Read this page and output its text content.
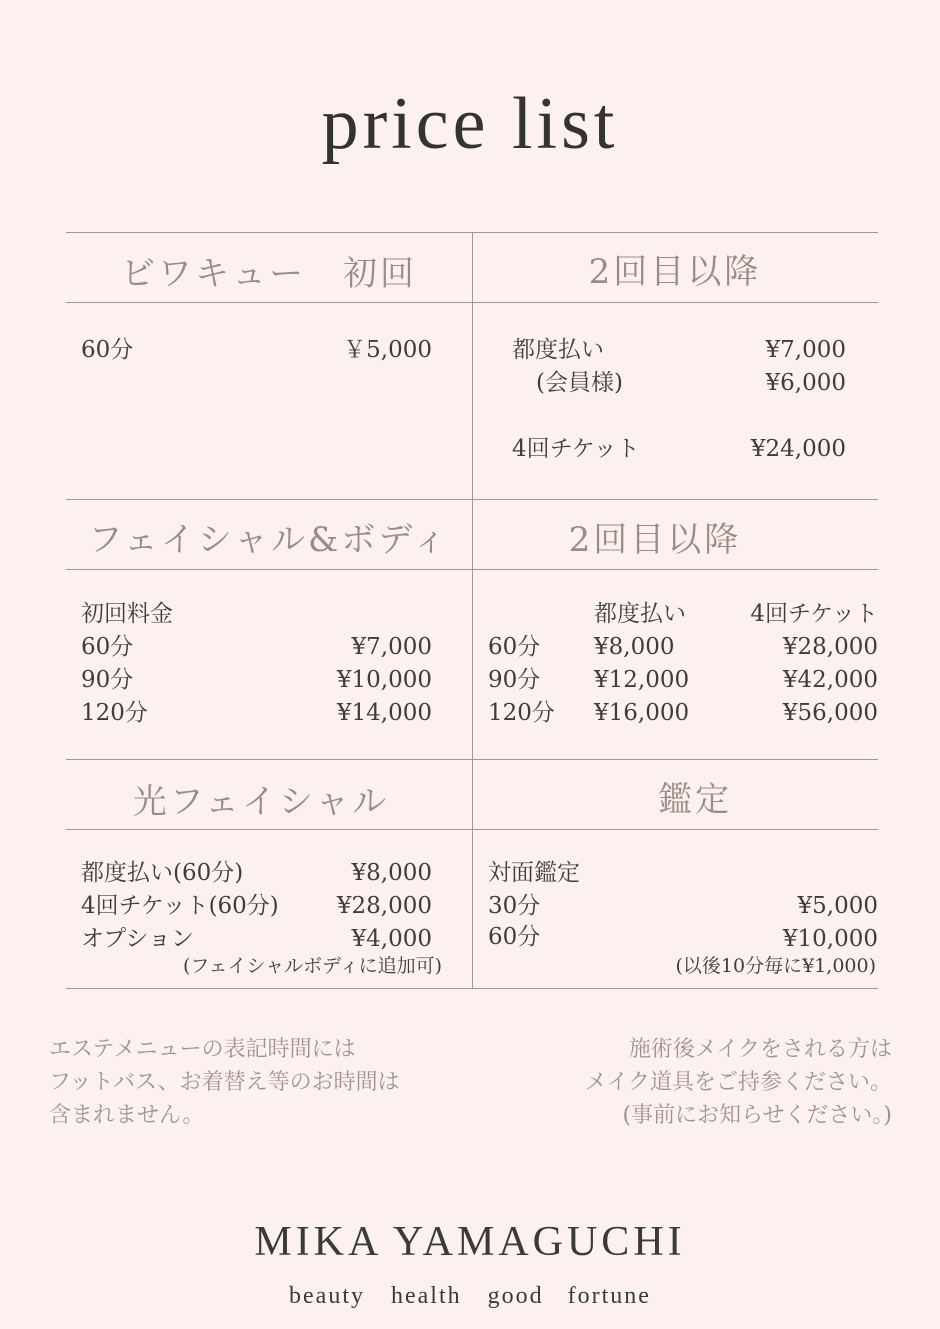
price list
ビワキュー　初回	2回目以降
60分	￥5,000	都度払い	¥7,000
(会員様)	¥6,000
4回チケット	¥24,000
フェイシャル&ボディ	2回目以降
初回料金
60分	¥7,000
90分	¥10,000
120分	¥14,000
都度払い	4回チケット
60分 ¥8,000	¥28,000
90分 ¥12,000	¥42,000
120分 ¥16,000	¥56,000
光フェイシャル	鑑定
都度払い(60分)	¥8,000
4回チケット(60分)	¥28,000
オプション	¥4,000
(フェイシャルボディに追加可)
対面鑑定
30分	¥5,000
60分	¥10,000
(以後10分毎に¥1,000)
エステメニューの表記時間には
フットバス、お着替え等のお時間は
含まれません。
施術後メイクをされる方は
メイク道具をご持参ください。
(事前にお知らせください。)
MIKA YAMAGUCHI
beauty　health　good fortune
